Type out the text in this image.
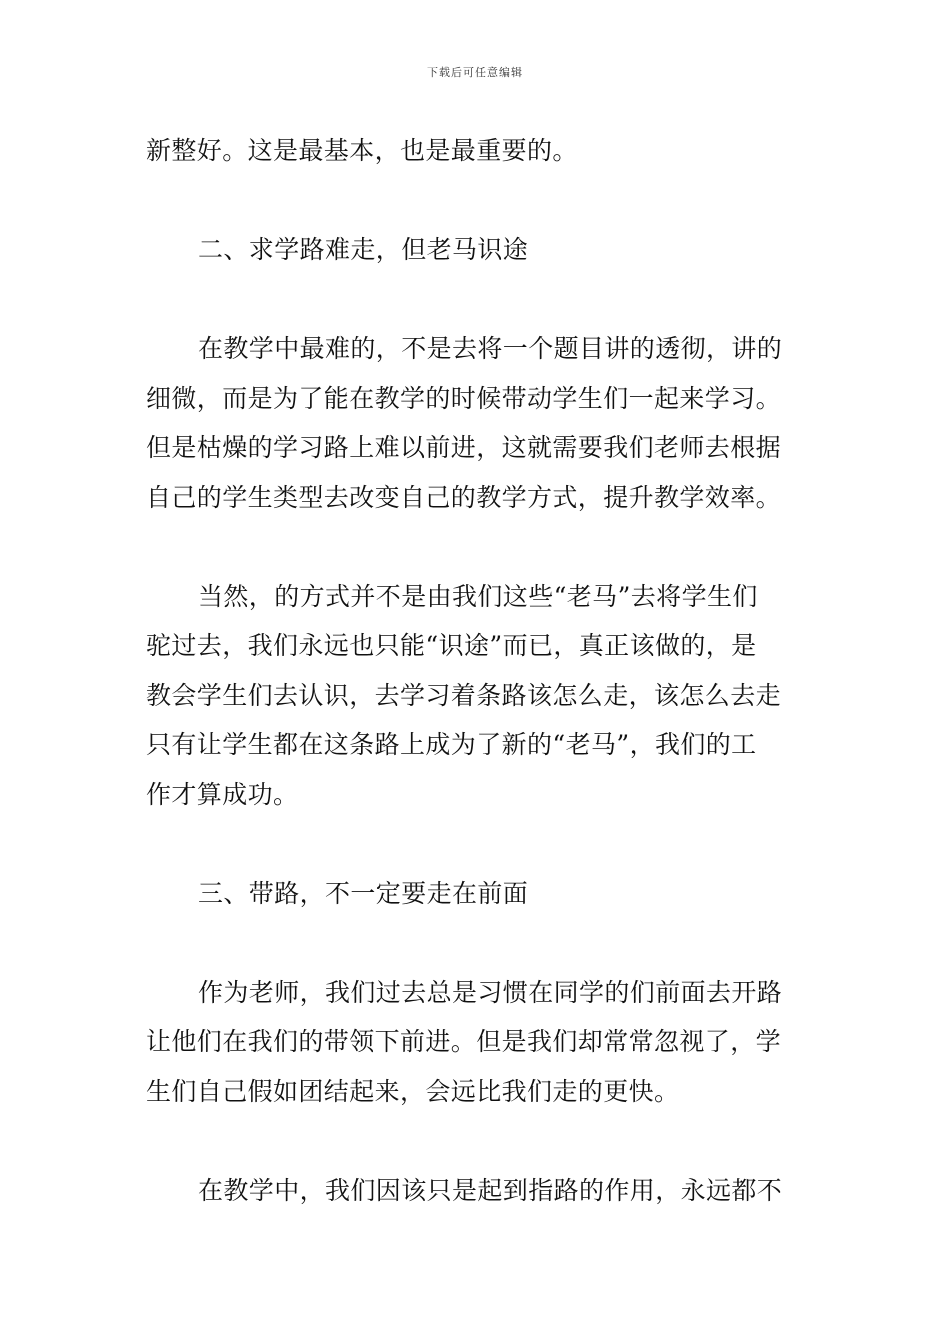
下载后可任意编辑

新整好。这是最基本，也是最重要的。

二、求学路难走，但老马识途

在教学中最难的，不是去将一个题目讲的透彻，讲的
细微，而是为了能在教学的时候带动学生们一起来学习。
但是枯燥的学习路上难以前进，这就需要我们老师去根据
自己的学生类型去改变自己的教学方式，提升教学效率。

当然，的方式并不是由我们这些“老马”去将学生们
驼过去，我们永远也只能“识途”而已，真正该做的，是
教会学生们去认识，去学习着条路该怎么走，该怎么去走
只有让学生都在这条路上成为了新的“老马”，我们的工
作才算成功。

三、带路，不一定要走在前面

作为老师，我们过去总是习惯在同学的们前面去开路
让他们在我们的带领下前进。但是我们却常常忽视了，学
生们自己假如团结起来，会远比我们走的更快。

在教学中，我们因该只是起到指路的作用，永远都不
